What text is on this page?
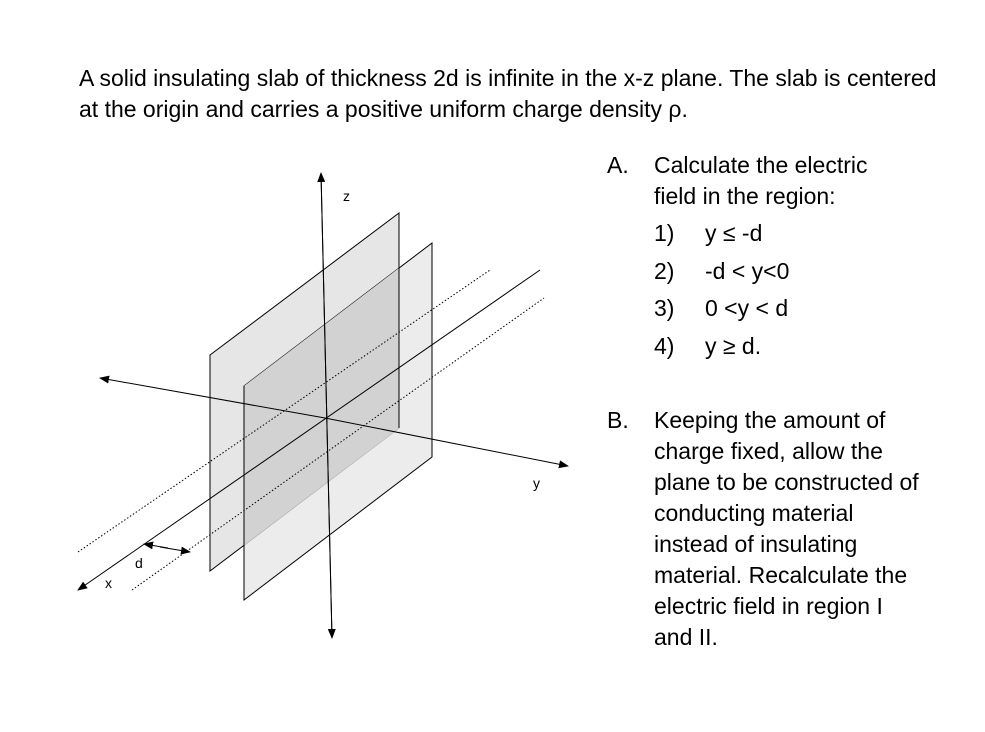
A solid insulating slab of thickness 2d is infinite in the x-z plane. The slab is centered at the origin and carries a positive uniform charge density ρ.

z
y
x
d
A. Calculate the electric field in the region:
1) y ≤ -d
2) -d < y<0
3) 0 <y < d
4) y ≥ d.
B. Keeping the amount of charge fixed, allow the plane to be constructed of conducting material instead of insulating material. Recalculate the electric field in region I and II.
